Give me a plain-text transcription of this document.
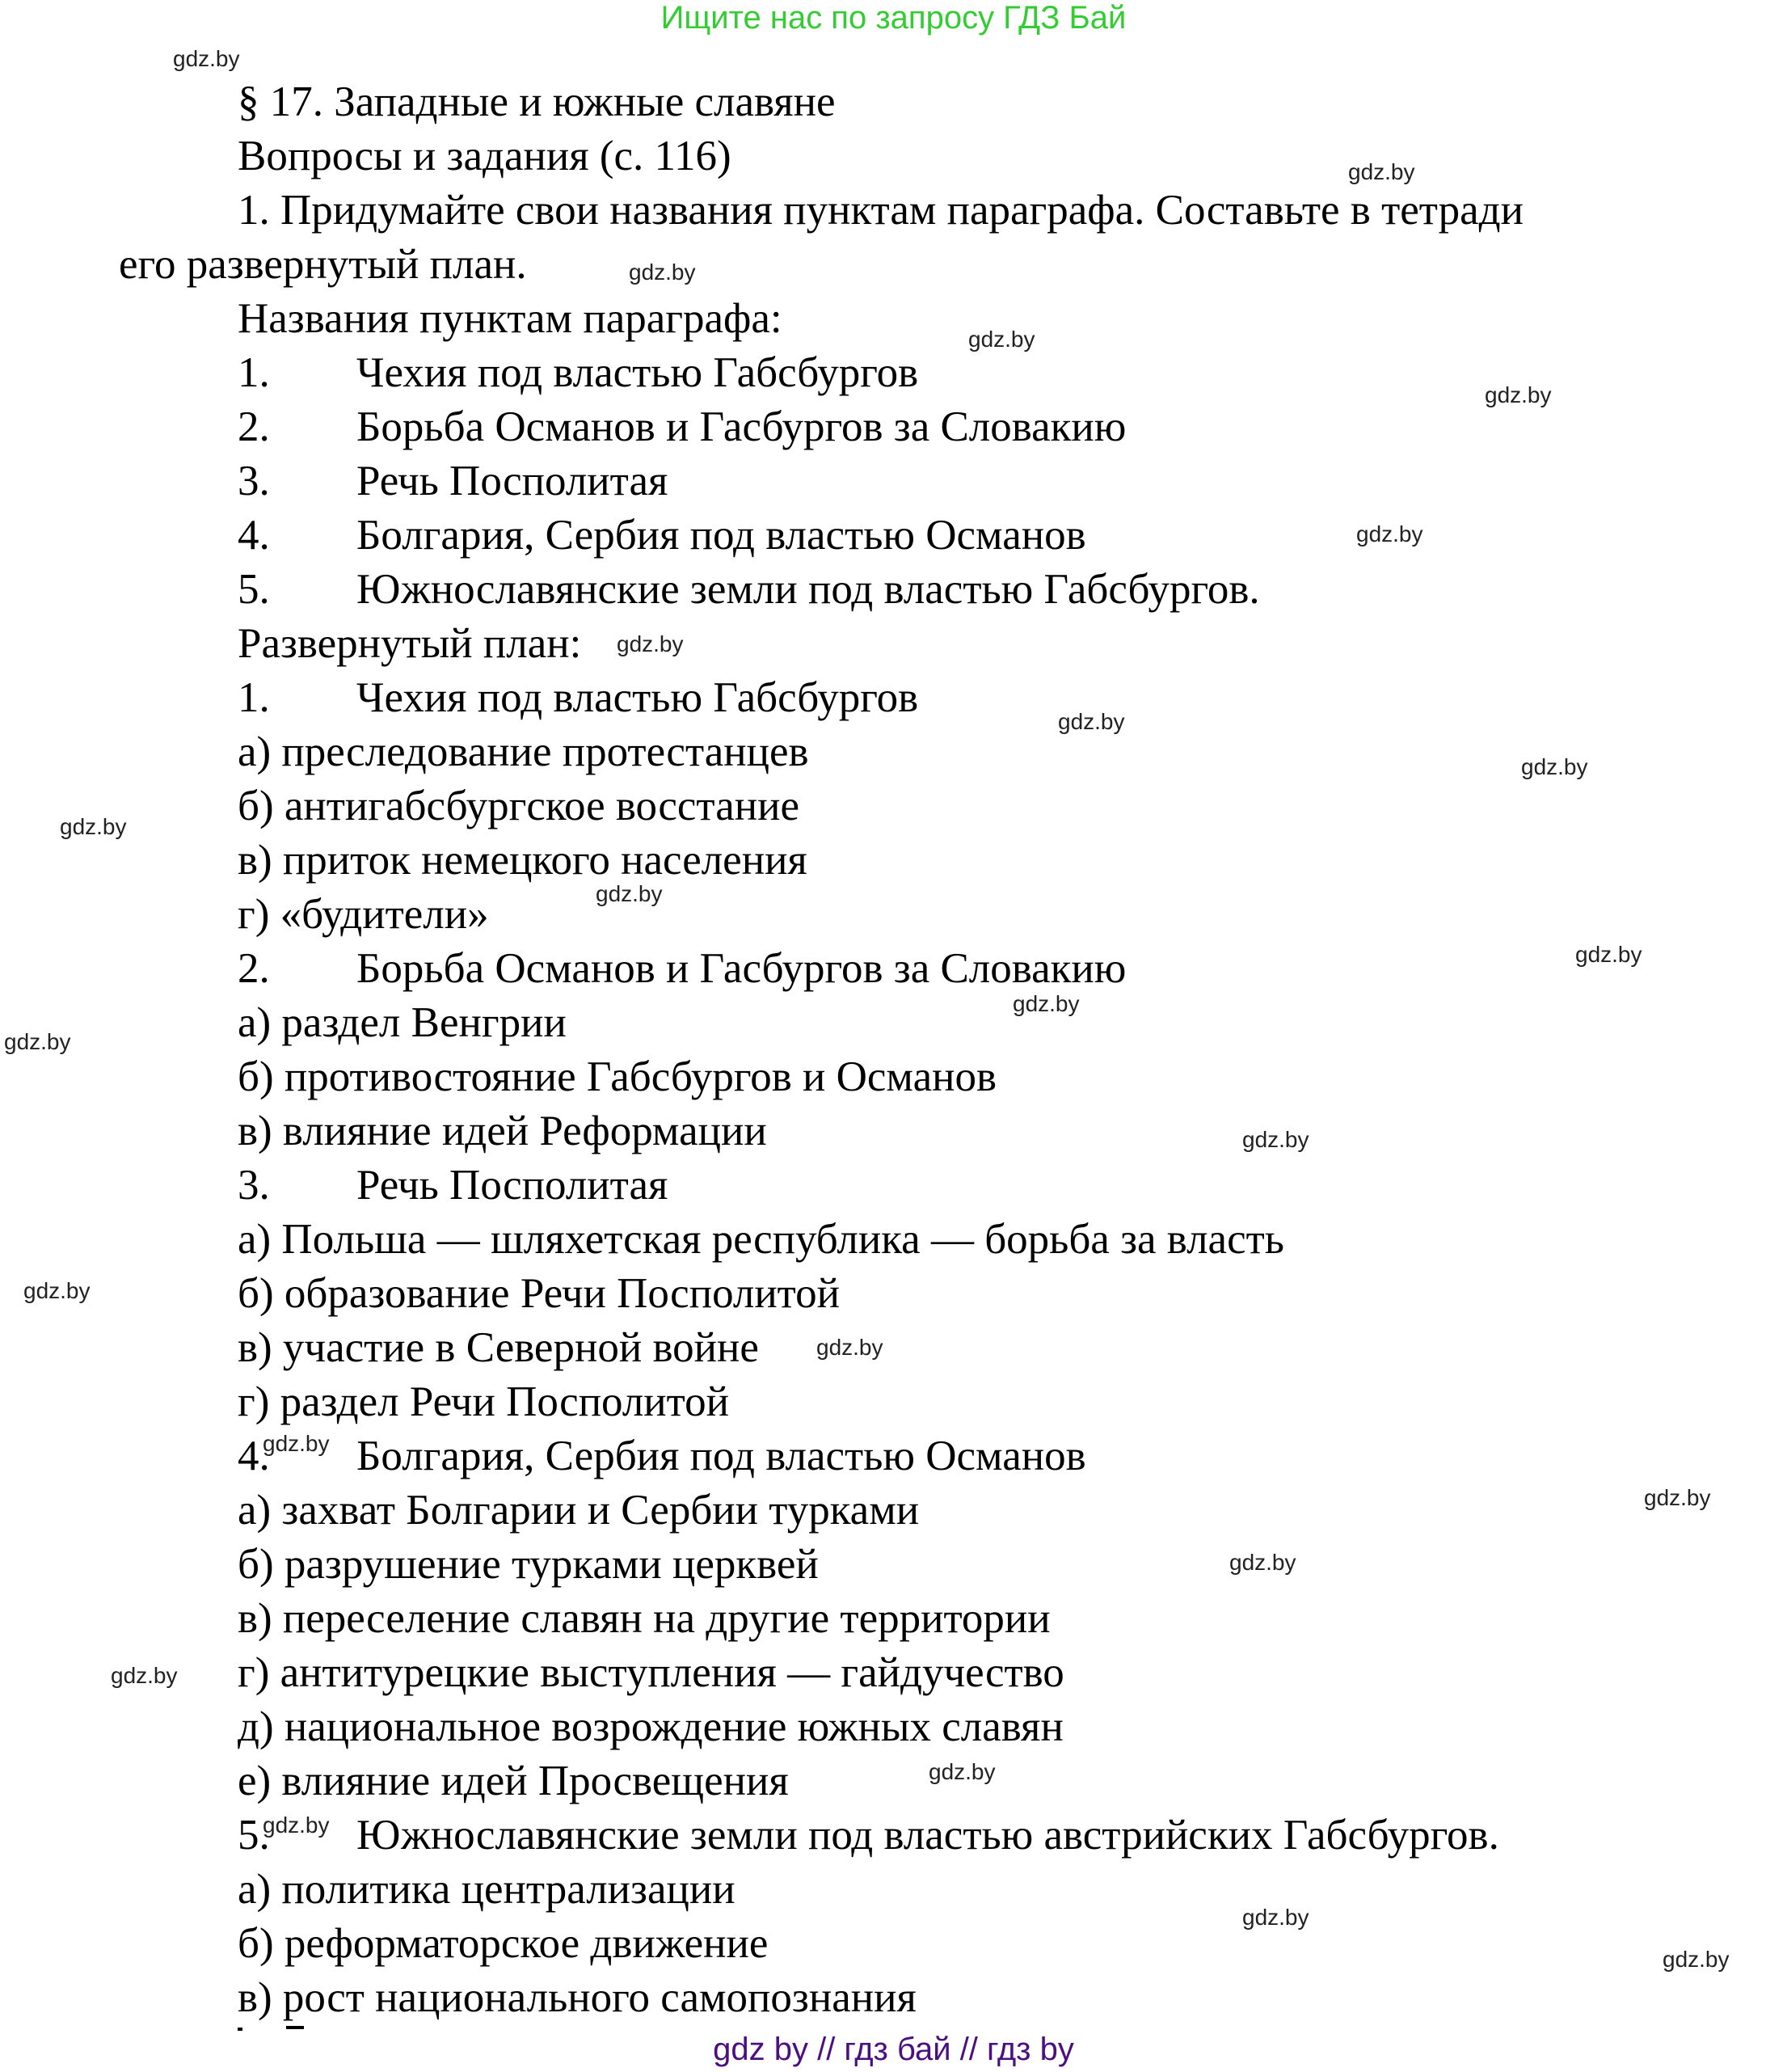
Ищите нас по запросу ГДЗ Бай
§ 17. Западные и южные славяне
Вопросы и задания (с. 116)
1. Придумайте свои названия пунктам параграфа. Составьте в тетради
его развернутый план.
Названия пунктам параграфа:
1. Чехия под властью Габсбургов
2. Борьба Османов и Гасбургов за Словакию
3. Речь Посполитая
4. Болгария, Сербия под властью Османов
5. Южнославянские земли под властью Габсбургов.
Развернутый план:
1. Чехия под властью Габсбургов
а) преследование протестанцев
б) антигабсбургское восстание
в) приток немецкого населения
г) «будители»
2. Борьба Османов и Гасбургов за Словакию
а) раздел Венгрии
б) противостояние Габсбургов и Османов
в) влияние идей Реформации
3. Речь Посполитая
а) Польша — шляхетская республика — борьба за власть
б) образование Речи Посполитой
в) участие в Северной войне
г) раздел Речи Посполитой
4. Болгария, Сербия под властью Османов
а) захват Болгарии и Сербии турками
б) разрушение турками церквей
в) переселение славян на другие территории
г) антитурецкие выступления — гайдучество
д) национальное возрождение южных славян
е) влияние идей Просвещения
5. Южнославянские земли под властью австрийских Габсбургов.
а) политика централизации
б) реформаторское движение
в) рост национального самопознания
gdz.by
gdz.by
gdz.by
gdz.by
gdz.by
gdz.by
gdz.by
gdz.by
gdz.by
gdz.by
gdz.by
gdz.by
gdz.by
gdz.by
gdz.by
gdz.by
gdz.by
gdz.by
gdz.by
gdz.by
gdz.by
gdz.by
gdz.by
gdz.by
gdz.by
gdz by // гдз бай // гдз by
